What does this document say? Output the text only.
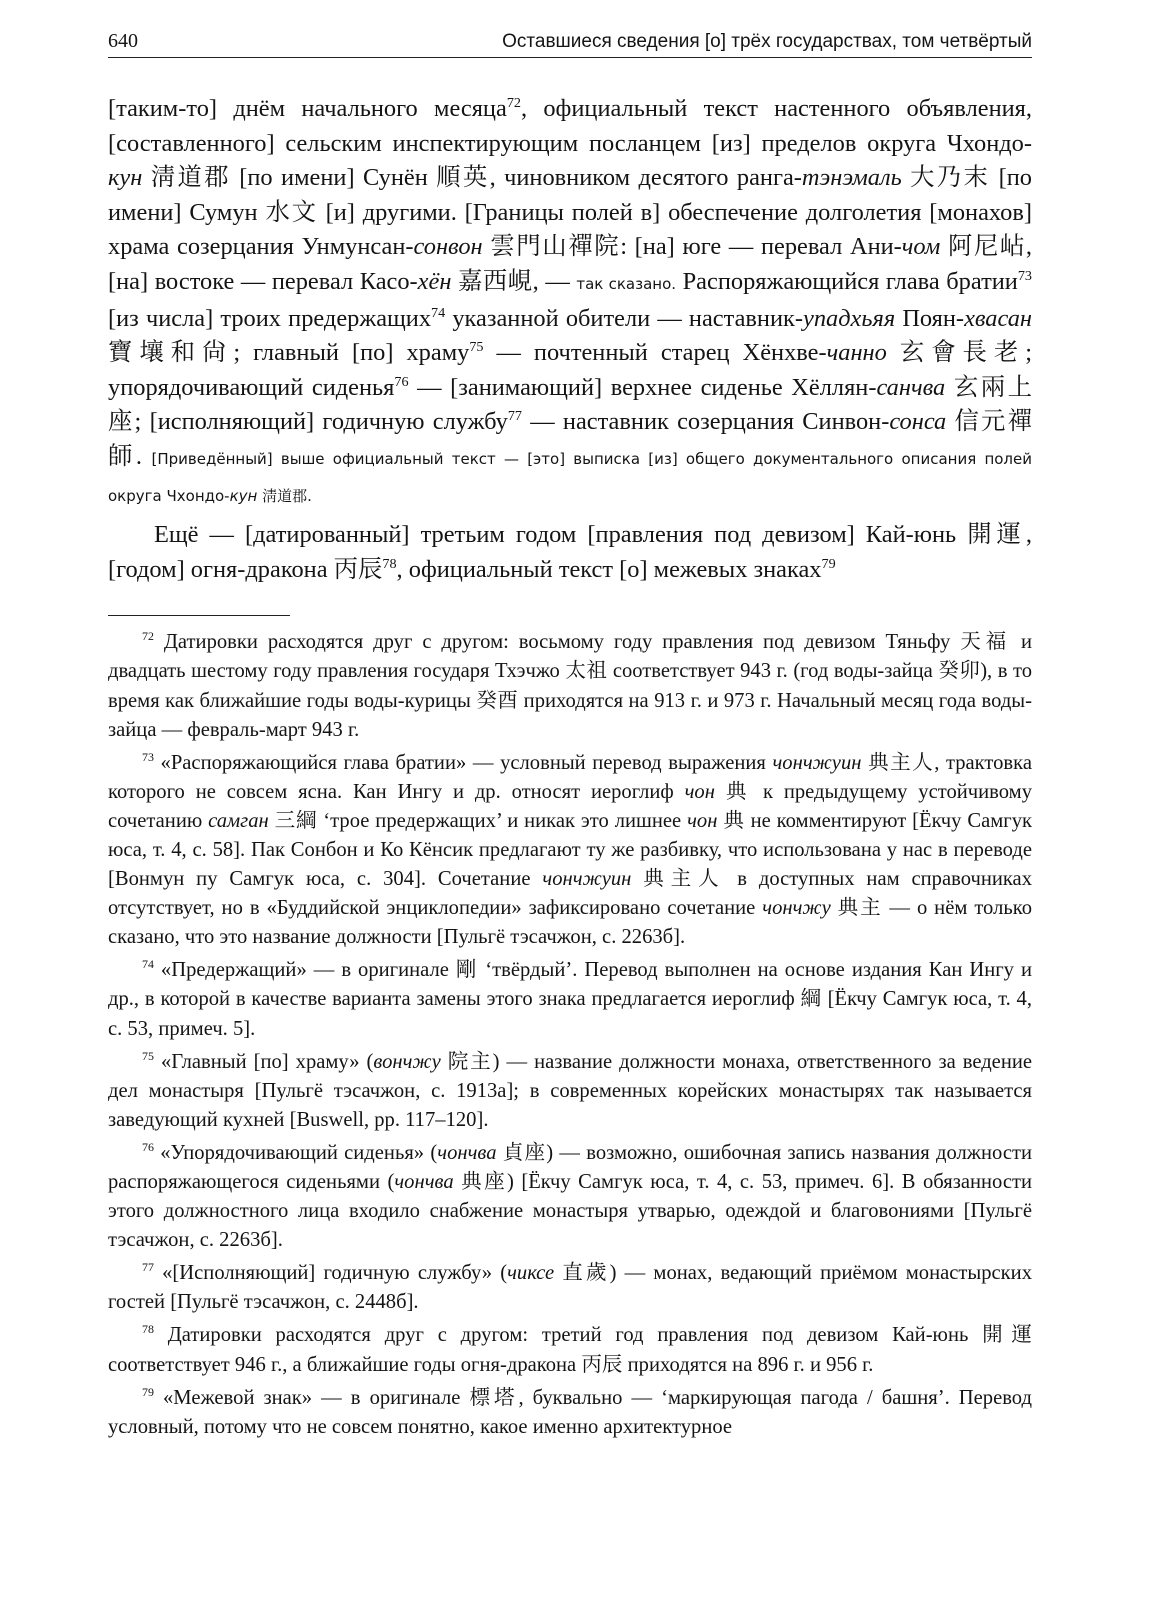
640	Оставшиеся сведения [о] трёх государствах, том четвёртый

[таким-то] днём начального месяца$^{72}$, официальный текст настенного объявления, [составленного] сельским инспектирующим посланцем [из] пределов округа Чхондо-кун 淸道郡 [по имени] Сунён 順英, чиновником десятого ранга-тэнэмаль 大乃末 [по имени] Сумун 水文 [и] другими. [Границы полей в] обеспечение долголетия [монахов] храма созерцания Унмунсан-сонвон 雲門山禪院: [на] юге — перевал Ани-чом 阿尼岾, [на] востоке — перевал Касо-хён 嘉西峴, — так сказано. Распоряжающийся глава братии$^{73}$ [из числа] троих предержащих$^{74}$ указанной обители — наставник-упадхьяя Поян-хвасан 寶壤和尙; главный [по] храму$^{75}$ — почтенный старец Хёнхве-чанно 玄會長老; упорядочивающий сиденья$^{76}$ — [занимающий] верхнее сиденье Хёллян-санчва 玄兩上座; [исполняющий] годичную службу$^{77}$ — наставник созерцания Синвон-сонса 信元禪師. [Приведённый] выше официальный текст — [это] выписка [из] общего документального описания полей округа Чхондо-кун 淸道郡.

Ещё — [датированный] третьим годом [правления под девизом] Кай-юнь 開運, [годом] огня-дракона 丙辰$^{78}$, официальный текст [о] межевых знаках$^{79}$

$^{72}$ Датировки расходятся друг с другом: восьмому году правления под девизом Тяньфу 天福 и двадцать шестому году правления государя Тхэчжо 太祖 соответствует 943 г. (год воды-зайца 癸卯), в то время как ближайшие годы воды-курицы 癸酉 приходятся на 913 г. и 973 г. Начальный месяц года воды-зайца — февраль-март 943 г.

$^{73}$ «Распоряжающийся глава братии» — условный перевод выражения чончжуин 典主人, трактовка которого не совсем ясна. Кан Ингу и др. относят иероглиф чон 典 к предыдущему устойчивому сочетанию самган 三綱 ‘трое предержащих’ и никак это лишнее чон 典 не комментируют [Ёкчу Самгук юса, т. 4, с. 58]. Пак Сонбон и Ко Кёнсик предлагают ту же разбивку, что использована у нас в переводе [Вонмун пу Самгук юса, с. 304]. Сочетание чончжуин 典主人 в доступных нам справочниках отсутствует, но в «Буддийской энциклопедии» зафиксировано сочетание чончжу 典主 — о нём только сказано, что это название должности [Пульгё тэсачжон, с. 2263б].

$^{74}$ «Предержащий» — в оригинале 剛 ‘твёрдый’. Перевод выполнен на основе издания Кан Ингу и др., в которой в качестве варианта замены этого знака предлагается иероглиф 綱 [Ёкчу Самгук юса, т. 4, с. 53, примеч. 5].

$^{75}$ «Главный [по] храму» (вончжу 院主) — название должности монаха, ответственного за ведение дел монастыря [Пульгё тэсачжон, с. 1913а]; в современных корейских монастырях так называется заведующий кухней [Buswell, pp. 117–120].

$^{76}$ «Упорядочивающий сиденья» (чончва 貞座) — возможно, ошибочная запись названия должности распоряжающегося сиденьями (чончва 典座) [Ёкчу Самгук юса, т. 4, с. 53, примеч. 6]. В обязанности этого должностного лица входило снабжение монастыря утварью, одеждой и благовониями [Пульгё тэсачжон, с. 2263б].

$^{77}$ «[Исполняющий] годичную службу» (чиксе 直歲) — монах, ведающий приёмом монастырских гостей [Пульгё тэсачжон, с. 2448б].

$^{78}$ Датировки расходятся друг с другом: третий год правления под девизом Кай-юнь 開運 соответствует 946 г., а ближайшие годы огня-дракона 丙辰 приходятся на 896 г. и 956 г.

$^{79}$ «Межевой знак» — в оригинале 標塔, буквально — ‘маркирующая пагода / башня’. Перевод условный, потому что не совсем понятно, какое именно архитектурное
